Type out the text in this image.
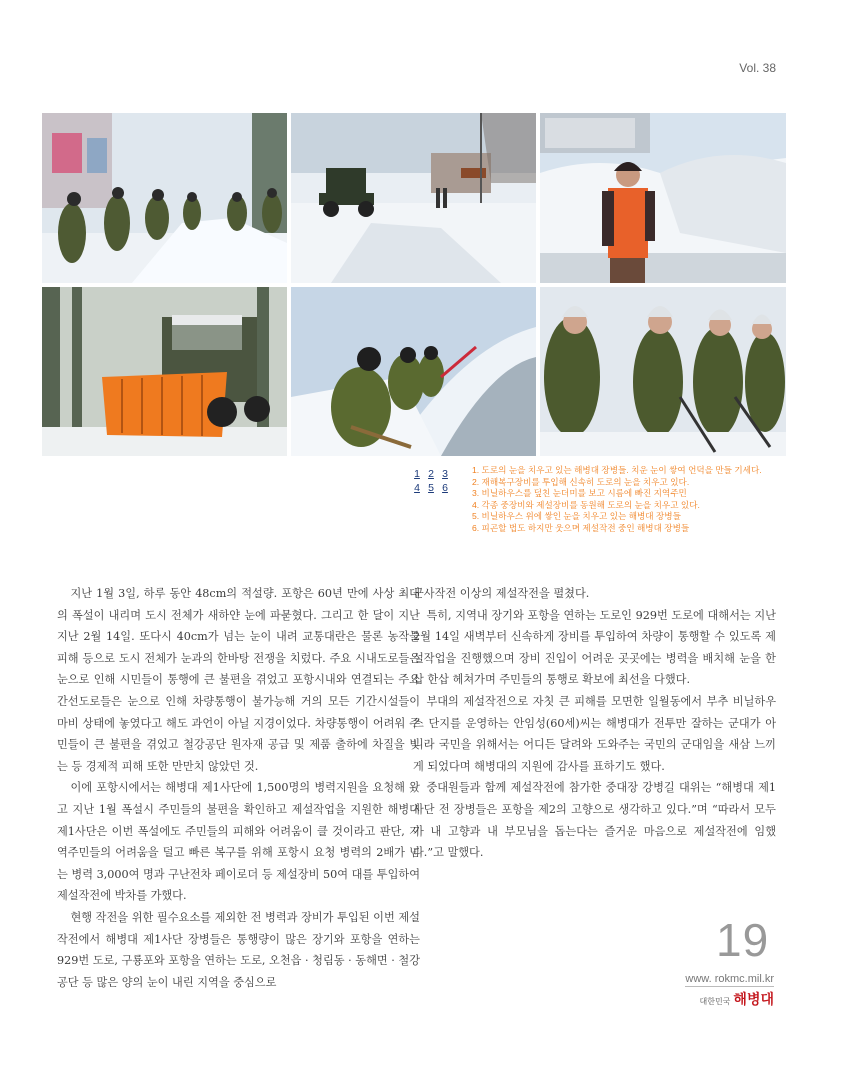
Vol. 38
1 2 3
4 5 6
1. 도로의 눈을 치우고 있는 해병대 장병들. 치운 눈이 쌓여 언덕을 만들 기세다.
2. 재해복구장비를 투입해 신속히 도로의 눈을 치우고 있다.
3. 비닐하우스를 덮친 눈더미를 보고 시름에 빠진 지역주민
4. 각종 중장비와 제설장비를 동원해 도로의 눈을 치우고 있다.
5. 비닐하우스 위에 쌓인 눈을 치우고 있는 해병대 장병들
6. 피곤할 법도 하지만 웃으며 제설작전 중인 해병대 장병들

지난 1월 3일, 하루 동안 48cm의 적설량. 포항은 60년 만에 사상 최대의 폭설이 내리며 도시 전체가 새하얀 눈에 파묻혔다. 그리고 한 달이 지난 지난 2월 14일. 또다시 40cm가 넘는 눈이 내려 교통대란은 물론 농작물 피해 등으로 도시 전체가 눈과의 한바탕 전쟁을 치렀다. 주요 시내도로들은 눈으로 인해 시민들이 통행에 큰 불편을 겪었고 포항시내와 연결되는 주요 간선도로들은 눈으로 인해 차량통행이 불가능해 거의 모든 기간시설들이 마비 상태에 놓였다고 해도 과언이 아닐 지경이었다. 차량통행이 어려워 주민들이 큰 불편을 겪었고 철강공단 원자재 공급 및 제품 출하에 차질을 빚는 등 경제적 피해 또한 만만치 않았던 것.

이에 포항시에서는 해병대 제1사단에 1,500명의 병력지원을 요청해 왔고 지난 1월 폭설시 주민들의 불편을 확인하고 제설작업을 지원한 해병대 제1사단은 이번 폭설에도 주민들의 피해와 어려움이 클 것이라고 판단, 지역주민들의 어려움을 덜고 빠른 복구를 위해 포항시 요청 병력의 2배가 넘는 병력 3,000여 명과 구난전차 페이로더 등 제설장비 50여 대를 투입하여 제설작전에 박차를 가했다.

현행 작전을 위한 필수요소를 제외한 전 병력과 장비가 투입된 이번 제설작전에서 해병대 제1사단 장병들은 통행량이 많은 장기와 포항을 연하는 929번 도로, 구룡포와 포항을 연하는 도로, 오천읍 · 청림동 · 동해면 · 철강공단 등 많은 양의 눈이 내린 지역을 중심으로

군사작전 이상의 제설작전을 펼쳤다.

특히, 지역내 장기와 포항을 연하는 도로인 929번 도로에 대해서는 지난 2월 14일 새벽부터 신속하게 장비를 투입하여 차량이 통행할 수 있도록 제설작업을 진행했으며 장비 진입이 어려운 곳곳에는 병력을 배치해 눈을 한삽 한삽 헤쳐가며 주민들의 통행로 확보에 최선을 다했다.

부대의 제설작전으로 자칫 큰 피해를 모면한 일월동에서 부추 비닐하우스 단지를 운영하는 안임성(60세)씨는 해병대가 전투만 잘하는 군대가 아니라 국민을 위해서는 어디든 달려와 도와주는 국민의 군대임을 새삼 느끼게 되었다며 해병대의 지원에 감사를 표하기도 했다.

중대원들과 함께 제설작전에 참가한 중대장 강병길 대위는 “해병대 제1사단 전 장병들은 포항을 제2의 고향으로 생각하고 있다.”며 “따라서 모두가 내 고향과 내 부모님을 돕는다는 즐거운 마음으로 제설작전에 임했다.”고 말했다.

19
www. rokmc.mil.kr
대한민국 해병대
